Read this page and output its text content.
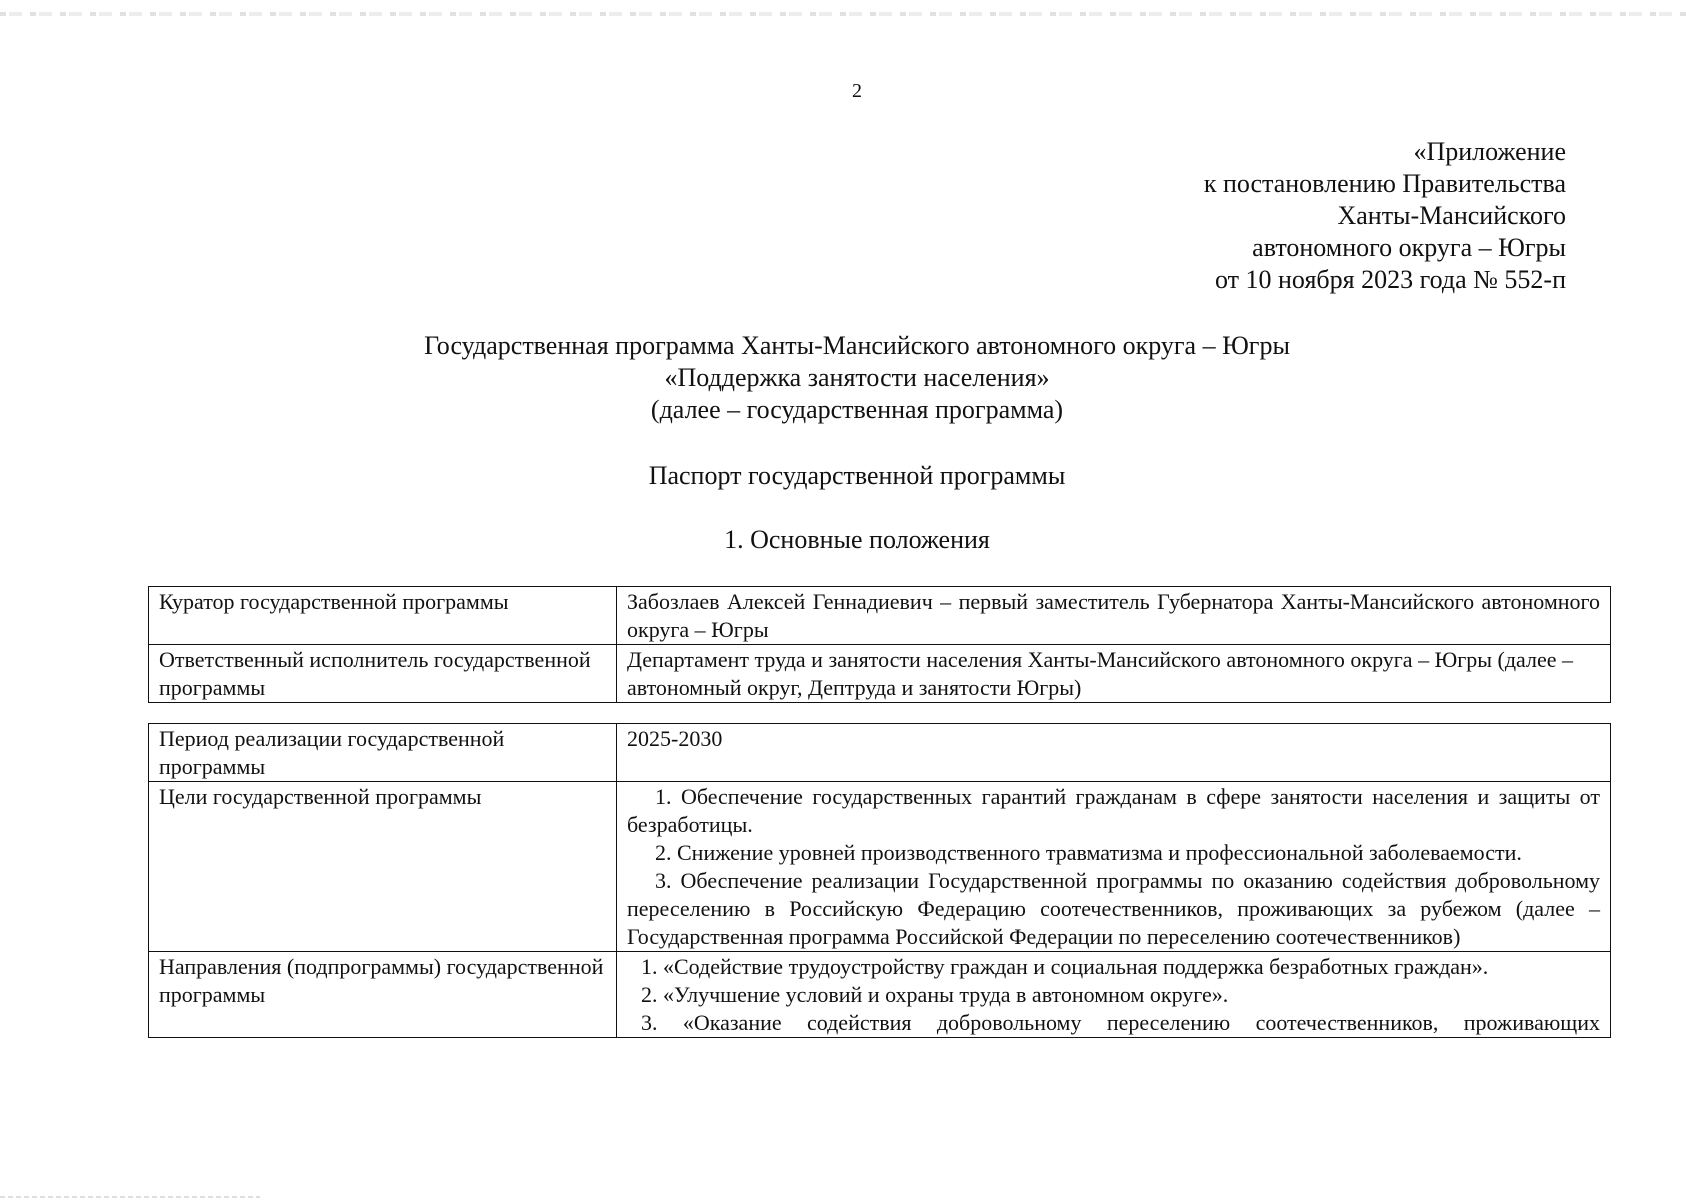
2
«Приложение
к постановлению Правительства
Ханты-Мансийского
автономного округа – Югры
от 10 ноября 2023 года № 552-п
Государственная программа Ханты-Мансийского автономного округа – Югры
«Поддержка занятости населения»
(далее – государственная программа)
Паспорт государственной программы
1. Основные положения
Куратор государственной программы	Забозлаев Алексей Геннадиевич – первый заместитель Губернатора Ханты-Мансийского автономного округа – Югры
Ответственный исполнитель государственной программы	Департамент труда и занятости населения Ханты-Мансийского автономного округа – Югры (далее – автономный округ, Дептруда и занятости Югры)
Период реализации государственной программы	2025-2030
Цели государственной программы	1. Обеспечение государственных гарантий гражданам в сфере занятости населения и защиты от безработицы.
2. Снижение уровней производственного травматизма и профессиональной заболеваемости.
3. Обеспечение реализации Государственной программы по оказанию содействия добровольному переселению в Российскую Федерацию соотечественников, проживающих за рубежом (далее – Государственная программа Российской Федерации по переселению соотечественников)

Направления (подпрограммы) государственной программы	1. «Содействие трудоустройству граждан и социальная поддержка безработных граждан».
2. «Улучшение условий и охраны труда в автономном округе».
3. «Оказание содействия добровольному переселению соотечественников, проживающих
